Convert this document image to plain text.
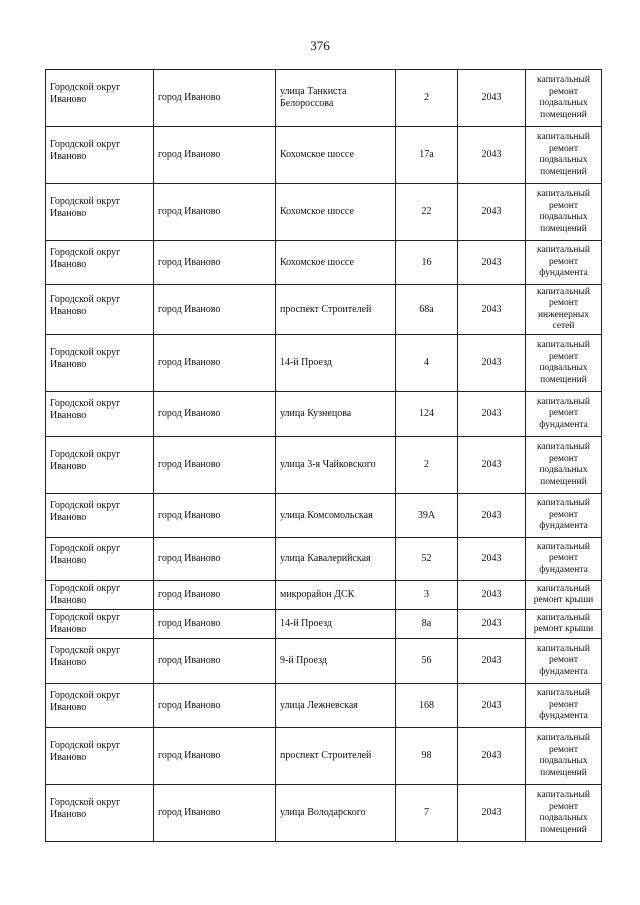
376
Городской округ Иваново	город Иваново	улица Танкиста Белороссова	2	2043	капитальный ремонт подвальных помещений

Городской округ Иваново	город Иваново	Кохомское шоссе	17а	2043	капитальный ремонт подвальных помещений

Городской округ Иваново	город Иваново	Кохомское шоссе	22	2043	капитальный ремонт подвальных помещений

Городской округ Иваново	город Иваново	Кохомское шоссе	16	2043	капитальный ремонт фундамента

Городской округ Иваново	город Иваново	проспект Строителей	68а	2043	капитальный ремонт инженерных сетей

Городской округ Иваново	город Иваново	14-й Проезд	4	2043	капитальный ремонт подвальных помещений

Городской округ Иваново	город Иваново	улица Кузнецова	124	2043	капитальный ремонт фундамента

Городской округ Иваново	город Иваново	улица 3-я Чайковского	2	2043	капитальный ремонт подвальных помещений

Городской округ Иваново	город Иваново	улица Комсомольская	39А	2043	капитальный ремонт фундамента

Городской округ Иваново	город Иваново	улица Кавалерийская	52	2043	капитальный ремонт фундамента

Городской округ Иваново	город Иваново	микрорайон ДСК	3	2043	капитальный ремонт крыши

Городской округ Иваново	город Иваново	14-й Проезд	8а	2043	капитальный ремонт крыши

Городской округ Иваново	город Иваново	9-й Проезд	56	2043	капитальный ремонт фундамента

Городской округ Иваново	город Иваново	улица Лежневская	168	2043	капитальный ремонт фундамента

Городской округ Иваново	город Иваново	проспект Строителей	98	2043	капитальный ремонт подвальных помещений

Городской округ Иваново	город Иваново	улица Володарского	7	2043	капитальный ремонт подвальных помещений
